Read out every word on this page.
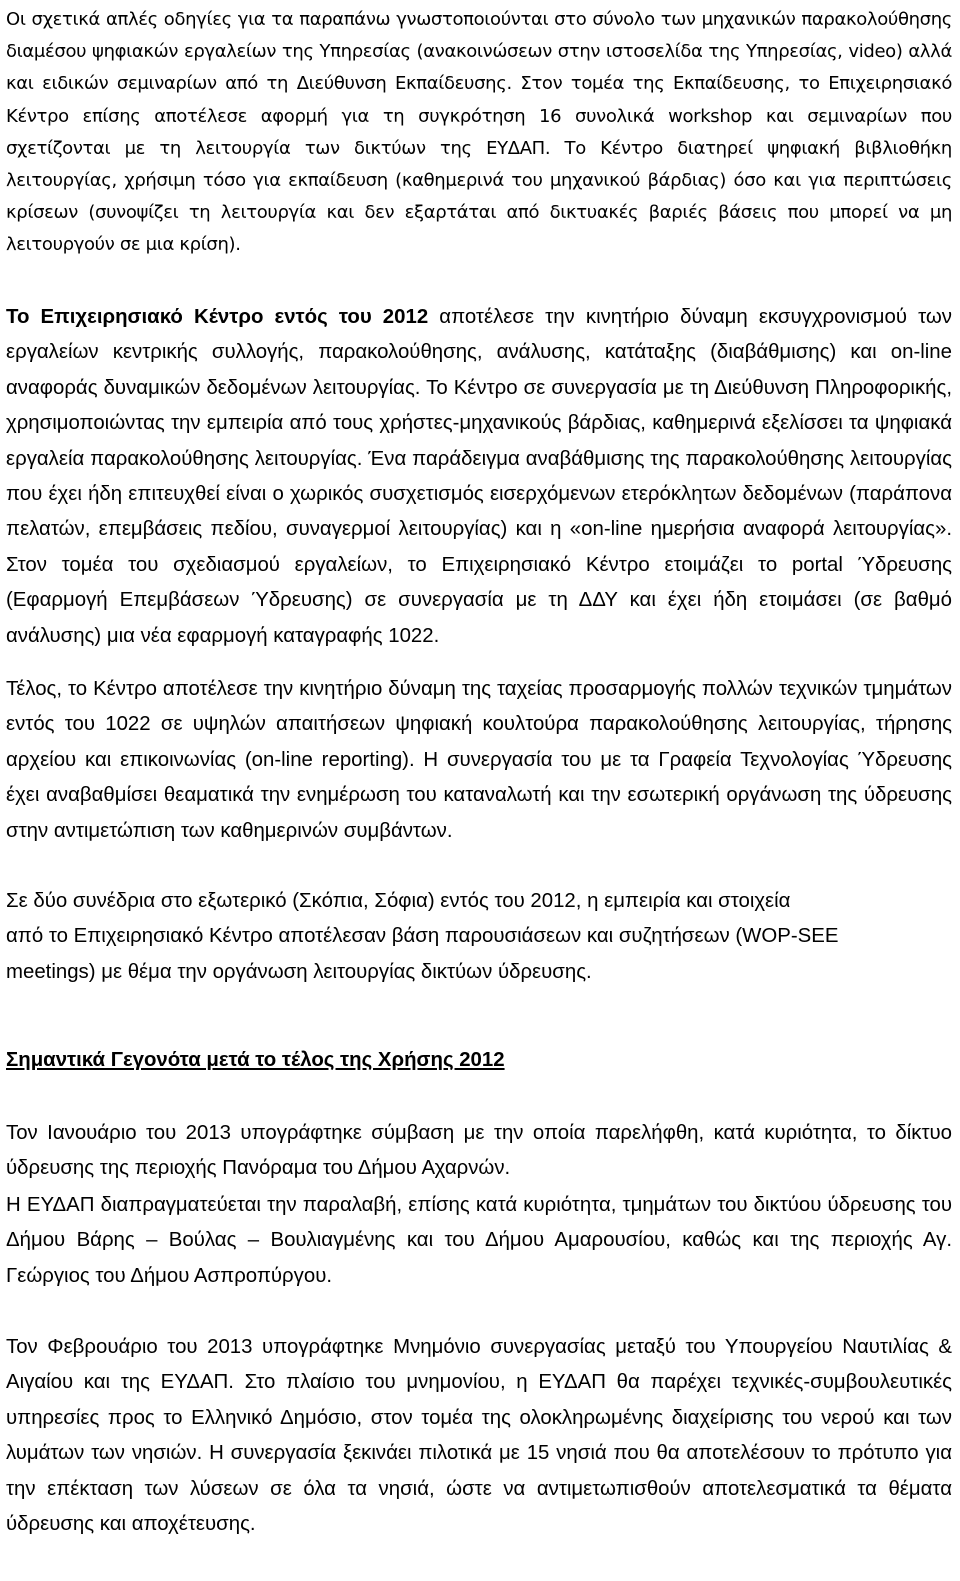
Οι σχετικά απλές οδηγίες για τα παραπάνω γνωστοποιούνται στο σύνολο των μηχανικών παρακολούθησης διαμέσου ψηφιακών εργαλείων της Υπηρεσίας (ανακοινώσεων στην ιστοσελίδα της Υπηρεσίας, video) αλλά και ειδικών σεμιναρίων από τη Διεύθυνση Εκπαίδευσης. Στον τομέα της Εκπαίδευσης, το Επιχειρησιακό Κέντρο επίσης αποτέλεσε αφορμή για τη συγκρότηση 16 συνολικά workshop και σεμιναρίων που σχετίζονται με τη λειτουργία των δικτύων της ΕΥΔΑΠ. Το Κέντρο διατηρεί ψηφιακή βιβλιοθήκη λειτουργίας, χρήσιμη τόσο για εκπαίδευση (καθημερινά του μηχανικού βάρδιας) όσο και για περιπτώσεις κρίσεων (συνοψίζει τη λειτουργία και δεν εξαρτάται από δικτυακές βαριές βάσεις που μπορεί να μη λειτουργούν σε μια κρίση).

Το Επιχειρησιακό Κέντρο εντός του 2012 αποτέλεσε την κινητήριο δύναμη εκσυγχρονισμού των εργαλείων κεντρικής συλλογής, παρακολούθησης, ανάλυσης, κατάταξης (διαβάθμισης) και on-line αναφοράς δυναμικών δεδομένων λειτουργίας. Το Κέντρο σε συνεργασία με τη Διεύθυνση Πληροφορικής, χρησιμοποιώντας την εμπειρία από τους χρήστες-μηχανικούς βάρδιας, καθημερινά εξελίσσει τα ψηφιακά εργαλεία παρακολούθησης λειτουργίας. Ένα παράδειγμα αναβάθμισης της παρακολούθησης λειτουργίας που έχει ήδη επιτευχθεί είναι ο χωρικός συσχετισμός εισερχόμενων ετερόκλητων δεδομένων (παράπονα πελατών, επεμβάσεις πεδίου, συναγερμοί λειτουργίας) και η «on-line ημερήσια αναφορά λειτουργίας». Στον τομέα του σχεδιασμού εργαλείων, το Επιχειρησιακό Κέντρο ετοιμάζει το portal Ύδρευσης (Εφαρμογή Επεμβάσεων Ύδρευσης) σε συνεργασία με τη ΔΔΥ και έχει ήδη ετοιμάσει (σε βαθμό ανάλυσης) μια νέα εφαρμογή καταγραφής 1022.

Τέλος, το Κέντρο αποτέλεσε την κινητήριο δύναμη της ταχείας προσαρμογής πολλών τεχνικών τμημάτων εντός του 1022 σε υψηλών απαιτήσεων ψηφιακή κουλτούρα παρακολούθησης λειτουργίας, τήρησης αρχείου και επικοινωνίας (on-line reporting). Η συνεργασία του με τα Γραφεία Τεχνολογίας Ύδρευσης έχει αναβαθμίσει θεαματικά την ενημέρωση του καταναλωτή και την εσωτερική οργάνωση της ύδρευσης στην αντιμετώπιση των καθημερινών συμβάντων.

Σε δύο συνέδρια στο εξωτερικό (Σκόπια, Σόφια) εντός του 2012, η εμπειρία και στοιχεία
από το Επιχειρησιακό Κέντρο αποτέλεσαν βάση παρουσιάσεων και συζητήσεων (WOP-SEE
meetings) με θέμα την οργάνωση λειτουργίας δικτύων ύδρευσης.

Σημαντικά Γεγονότα μετά το τέλος της Χρήσης 2012

Τον Ιανουάριο του 2013 υπογράφτηκε σύμβαση με την οποία παρελήφθη, κατά κυριότητα, το δίκτυο ύδρευσης της περιοχής Πανόραμα του Δήμου Αχαρνών.

Η ΕΥΔΑΠ διαπραγματεύεται την παραλαβή, επίσης κατά κυριότητα, τμημάτων του δικτύου ύδρευσης του Δήμου Βάρης – Βούλας – Βουλιαγμένης και του Δήμου Αμαρουσίου, καθώς και της περιοχής Αγ. Γεώργιος του Δήμου Ασπροπύργου.

Τον Φεβρουάριο του 2013 υπογράφτηκε Μνημόνιο συνεργασίας μεταξύ του Υπουργείου Ναυτιλίας & Αιγαίου και της ΕΥΔΑΠ. Στο πλαίσιο του μνημονίου, η ΕΥΔΑΠ θα παρέχει τεχνικές-συμβουλευτικές υπηρεσίες προς το Ελληνικό Δημόσιο, στον τομέα της ολοκληρωμένης διαχείρισης του νερού και των λυμάτων των νησιών. Η συνεργασία ξεκινάει πιλοτικά με 15 νησιά που θα αποτελέσουν το πρότυπο για την επέκταση των λύσεων σε όλα τα νησιά, ώστε να αντιμετωπισθούν αποτελεσματικά τα θέματα ύδρευσης και αποχέτευσης.
